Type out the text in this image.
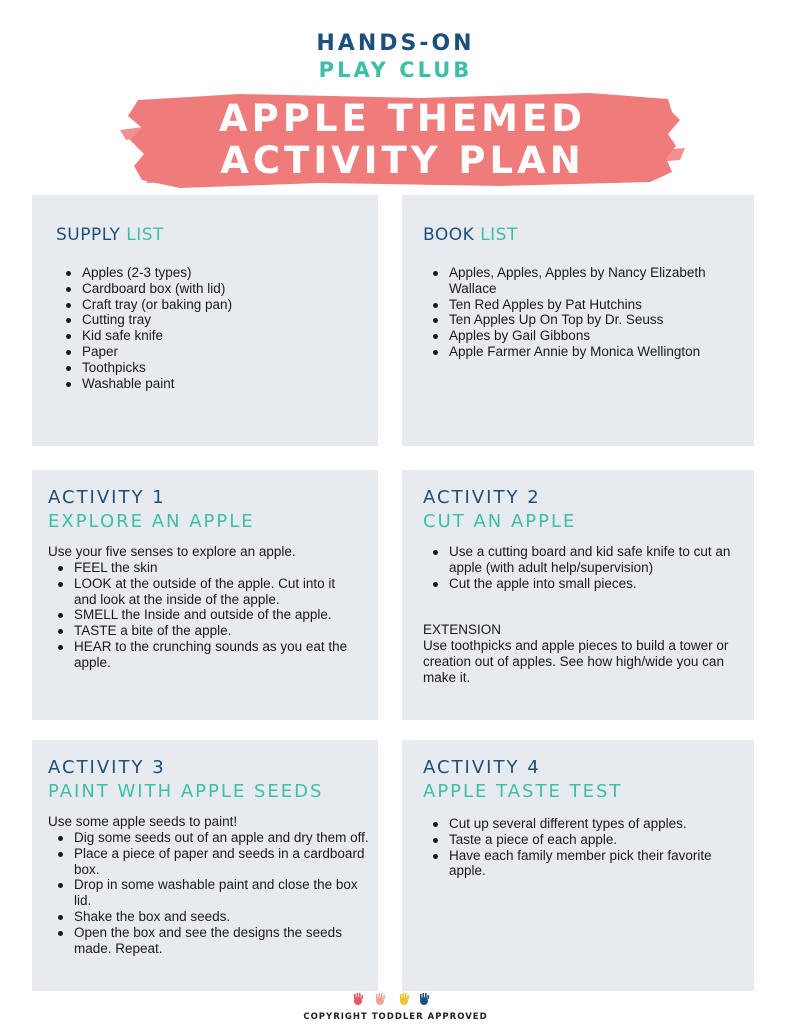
HANDS-ON
PLAY CLUB
APPLE THEMED
ACTIVITY PLAN
SUPPLY LIST
Apples (2-3 types)
Cardboard box (with lid)
Craft tray (or baking pan)
Cutting tray
Kid safe knife
Paper
Toothpicks
Washable paint
BOOK LIST
Apples, Apples, Apples by Nancy Elizabeth Wallace
Ten Red Apples by Pat Hutchins
Ten Apples Up On Top by Dr. Seuss
Apples by Gail Gibbons
Apple Farmer Annie by Monica Wellington
ACTIVITY 1
EXPLORE AN APPLE
Use your five senses to explore an apple.
FEEL the skin
LOOK at the outside of the apple. Cut into it and look at the inside of the apple.
SMELL the Inside and outside of the apple.
TASTE a bite of the apple.
HEAR to the crunching sounds as you eat the apple.
ACTIVITY 2
CUT AN APPLE
Use a cutting board and kid safe knife to cut an apple (with adult help/supervision)
Cut the apple into small pieces.
EXTENSION
Use toothpicks and apple pieces to build a tower or creation out of apples. See how high/wide you can make it.
ACTIVITY 3
PAINT WITH APPLE SEEDS
Use some apple seeds to paint!
Dig some seeds out of an apple and dry them off.
Place a piece of paper and seeds in a cardboard box.
Drop in some washable paint and close the box lid.
Shake the box and seeds.
Open the box and see the designs the seeds made. Repeat.
ACTIVITY 4
APPLE TASTE TEST
Cut up several different types of apples.
Taste a piece of each apple.
Have each family member pick their favorite apple.
COPYRIGHT TODDLER APPROVED
